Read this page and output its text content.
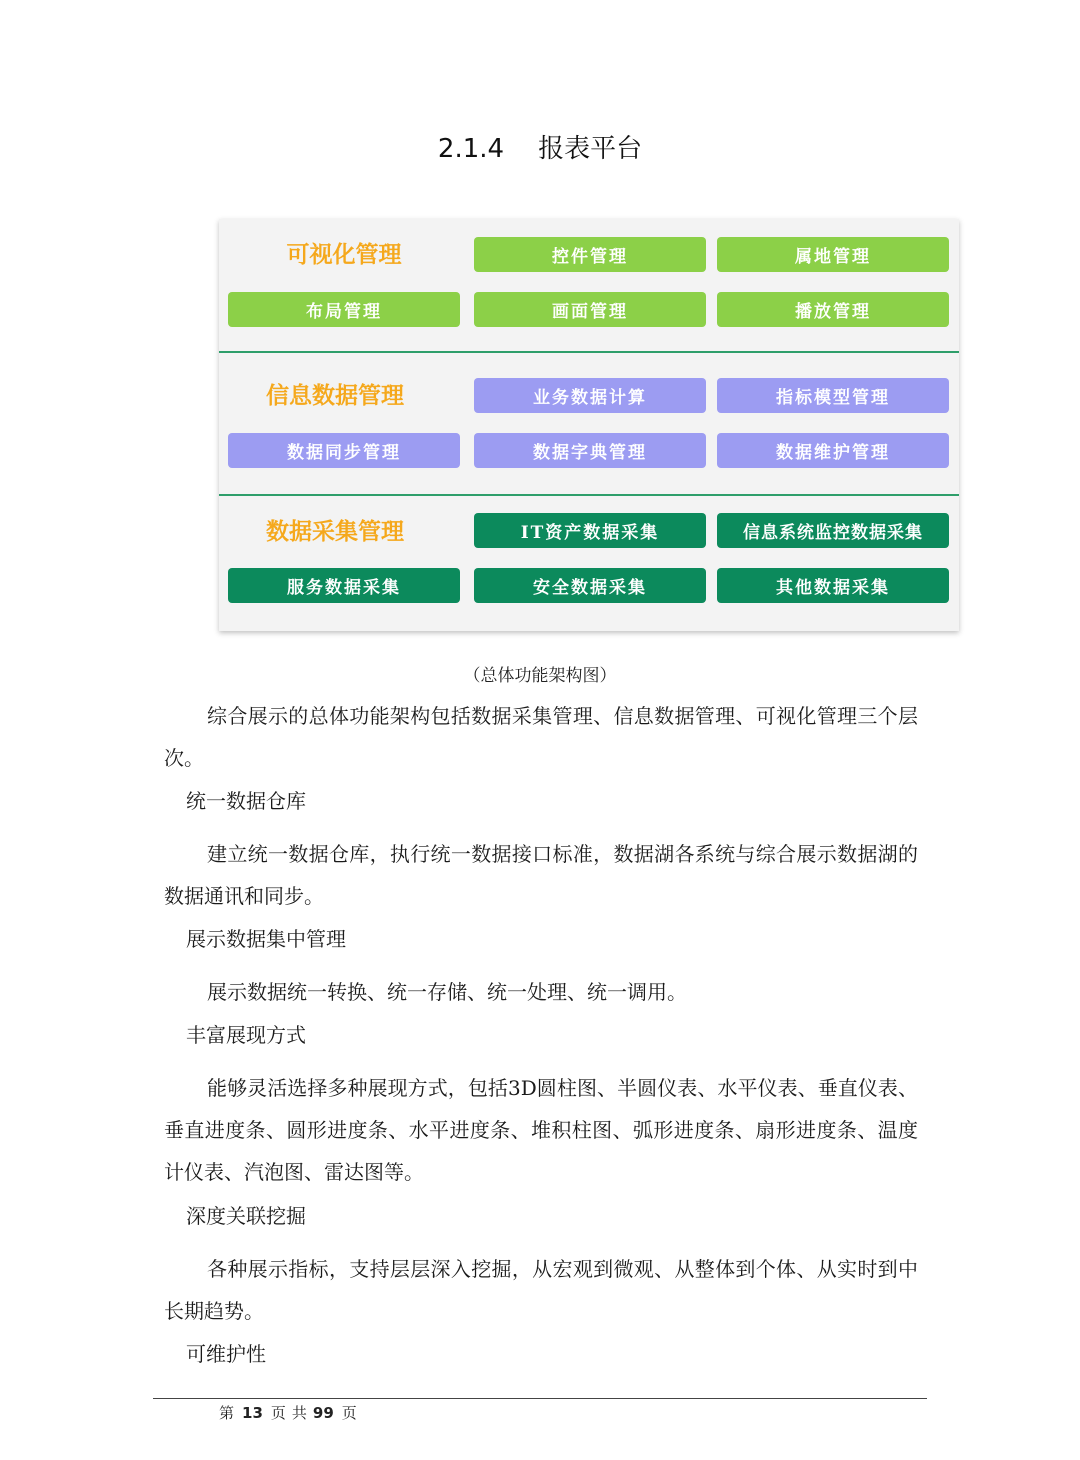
2.1.4 报表平台
可视化管理	控件管理	属地管理
布局管理	画面管理	播放管理
信息数据管理	业务数据计算	指标模型管理
数据同步管理	数据字典管理	数据维护管理
数据采集管理	IT资产数据采集	信息系统监控数据采集
服务数据采集	安全数据采集	其他数据采集
（总体功能架构图）

综合展示的总体功能架构包括数据采集管理、信息数据管理、可视化管理三个层次。

统一数据仓库

建立统一数据仓库，执行统一数据接口标准，数据湖各系统与综合展示数据湖的数据通讯和同步。

展示数据集中管理

展示数据统一转换、统一存储、统一处理、统一调用。

丰富展现方式

能够灵活选择多种展现方式，包括3D圆柱图、半圆仪表、水平仪表、垂直仪表、垂直进度条、圆形进度条、水平进度条、堆积柱图、弧形进度条、扇形进度条、温度计仪表、汽泡图、雷达图等。

深度关联挖掘

各种展示指标，支持层层深入挖掘，从宏观到微观、从整体到个体、从实时到中长期趋势。

可维护性

第 13 页 共 99 页
